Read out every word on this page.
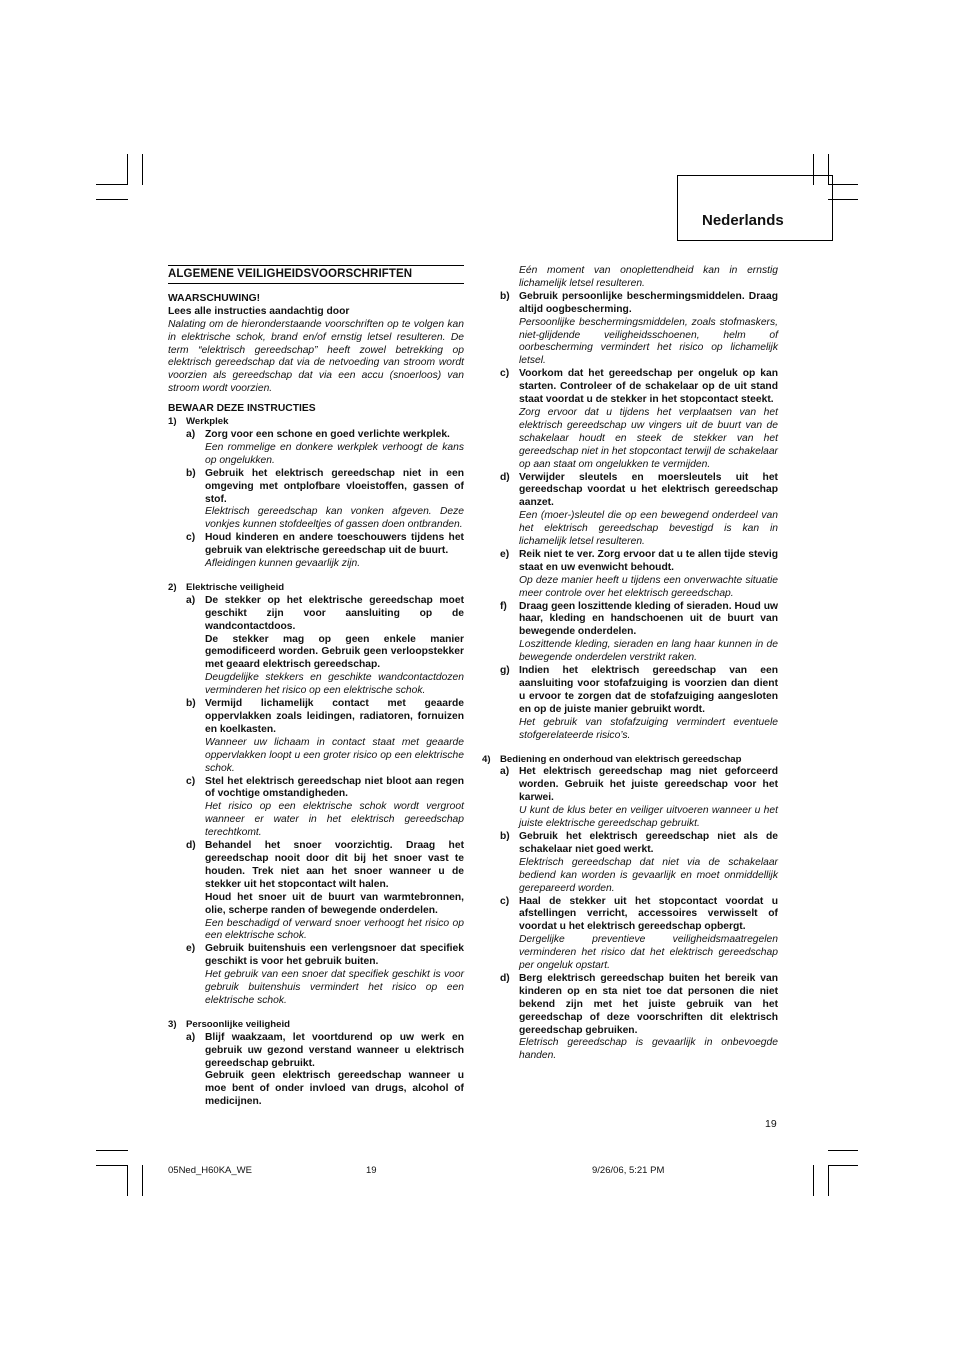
Nederlands
ALGEMENE VEILIGHEIDSVOORSCHRIFTEN
WAARSCHUWING!
Lees alle instructies aandachtig door
Nalating om de hieronderstaande voorschriften op te volgen kan in elektrische schok, brand en/of ernstig letsel resulteren. De term “elektrisch gereedschap” heeft zowel betrekking op elektrisch gereedschap dat via de netvoeding van stroom wordt voorzien als gereedschap dat via een accu (snoerloos) van stroom wordt voorzien.
BEWAAR DEZE INSTRUCTIES
1) Werkplek
a) Zorg voor een schone en goed verlichte werkplek.
Een rommelige en donkere werkplek verhoogt de kans op ongelukken.
b) Gebruik het elektrisch gereedschap niet in een omgeving met ontplofbare vloeistoffen, gassen of stof.
Elektrisch gereedschap kan vonken afgeven. Deze vonkjes kunnen stofdeeltjes of gassen doen ontbranden.
c) Houd kinderen en andere toeschouwers tijdens het gebruik van elektrische gereedschap uit de buurt.
Afleidingen kunnen gevaarlijk zijn.
2) Elektrische veiligheid
a) De stekker op het elektrische gereedschap moet geschikt zijn voor aansluiting op de wandcontactdoos.
De stekker mag op geen enkele manier gemodificeerd worden. Gebruik geen verloopstekker met geaard elektrisch gereedschap.
Deugdelijke stekkers en geschikte wandcontactdozen verminderen het risico op een elektrische schok.
b) Vermijd lichamelijk contact met geaarde oppervlakken zoals leidingen, radiatoren, fornuizen en koelkasten.
Wanneer uw lichaam in contact staat met geaarde oppervlakken loopt u een groter risico op een elektrische schok.
c) Stel het elektrisch gereedschap niet bloot aan regen of vochtige omstandigheden.
Het risico op een elektrische schok wordt vergroot wanneer er water in het elektrisch gereedschap terechtkomt.
d) Behandel het snoer voorzichtig. Draag het gereedschap nooit door dit bij het snoer vast te houden. Trek niet aan het snoer wanneer u de stekker uit het stopcontact wilt halen.
Houd het snoer uit de buurt van warmtebronnen, olie, scherpe randen of bewegende onderdelen.
Een beschadigd of verward snoer verhoogt het risico op een elektrische schok.
e) Gebruik buitenshuis een verlengsnoer dat specifiek geschikt is voor het gebruik buiten.
Het gebruik van een snoer dat specifiek geschikt is voor gebruik buitenshuis vermindert het risico op een elektrische schok.
3) Persoonlijke veiligheid
a) Blijf waakzaam, let voortdurend op uw werk en gebruik uw gezond verstand wanneer u elektrisch gereedschap gebruikt.
Gebruik geen elektrisch gereedschap wanneer u moe bent of onder invloed van drugs, alcohol of medicijnen.
Eén moment van onoplettendheid kan in ernstig lichamelijk letsel resulteren.
b) Gebruik persoonlijke beschermingsmiddelen. Draag altijd oogbescherming.
Persoonlijke beschermingsmiddelen, zoals stofmaskers, niet-glijdende veiligheidsschoenen, helm of oorbescherming vermindert het risico op lichamelijk letsel.
c) Voorkom dat het gereedschap per ongeluk op kan starten. Controleer of de schakelaar op de uit stand staat voordat u de stekker in het stopcontact steekt.
Zorg ervoor dat u tijdens het verplaatsen van het elektrisch gereedschap uw vingers uit de buurt van de schakelaar houdt en steek de stekker van het gereedschap niet in het stopcontact terwijl de schakelaar op aan staat om ongelukken te vermijden.
d) Verwijder sleutels en moersleutels uit het gereedschap voordat u het elektrisch gereedschap aanzet.
Een (moer-)sleutel die op een bewegend onderdeel van het elektrisch gereedschap bevestigd is kan in lichamelijk letsel resulteren.
e) Reik niet te ver. Zorg ervoor dat u te allen tijde stevig staat en uw evenwicht behoudt.
Op deze manier heeft u tijdens een onverwachte situatie meer controle over het elektrisch gereedschap.
f)	Draag geen loszittende kleding of sieraden. Houd uw haar, kleding en handschoenen uit de buurt van bewegende onderdelen.
Loszittende kleding, sieraden en lang haar kunnen in de bewegende onderdelen verstrikt raken.
g) Indien het elektrisch gereedschap van een aansluiting voor stofafzuiging is voorzien dan dient u ervoor te zorgen dat de stofafzuiging aangesloten en op de juiste manier gebruikt wordt.
Het gebruik van stofafzuiging vermindert eventuele stofgerelateerde risico’s.
4) Bediening en onderhoud van elektrisch gereedschap
a) Het elektrisch gereedschap mag niet geforceerd worden. Gebruik het juiste gereedschap voor het karwei.
U kunt de klus beter en veiliger uitvoeren wanneer u het juiste elektrische gereedschap gebruikt.
b) Gebruik het elektrisch gereedschap niet als de schakelaar niet goed werkt.
Elektrisch gereedschap dat niet via de schakelaar bediend kan worden is gevaarlijk en moet onmiddellijk gerepareerd worden.
c) Haal de stekker uit het stopcontact voordat u afstellingen verricht, accessoires verwisselt of voordat u het elektrisch gereedschap opbergt.
Dergelijke preventieve veiligheidsmaatregelen verminderen het risico dat het elektrisch gereedschap per ongeluk opstart.
d) Berg elektrisch gereedschap buiten het bereik van kinderen op en sta niet toe dat personen die niet bekend zijn met het juiste gebruik van het gereedschap of deze voorschriften dit elektrisch gereedschap gebruiken.
Eletrisch gereedschap is gevaarlijk in onbevoegde handen.
19
05Ned_H60KA_WE	19	9/26/06, 5:21 PM
